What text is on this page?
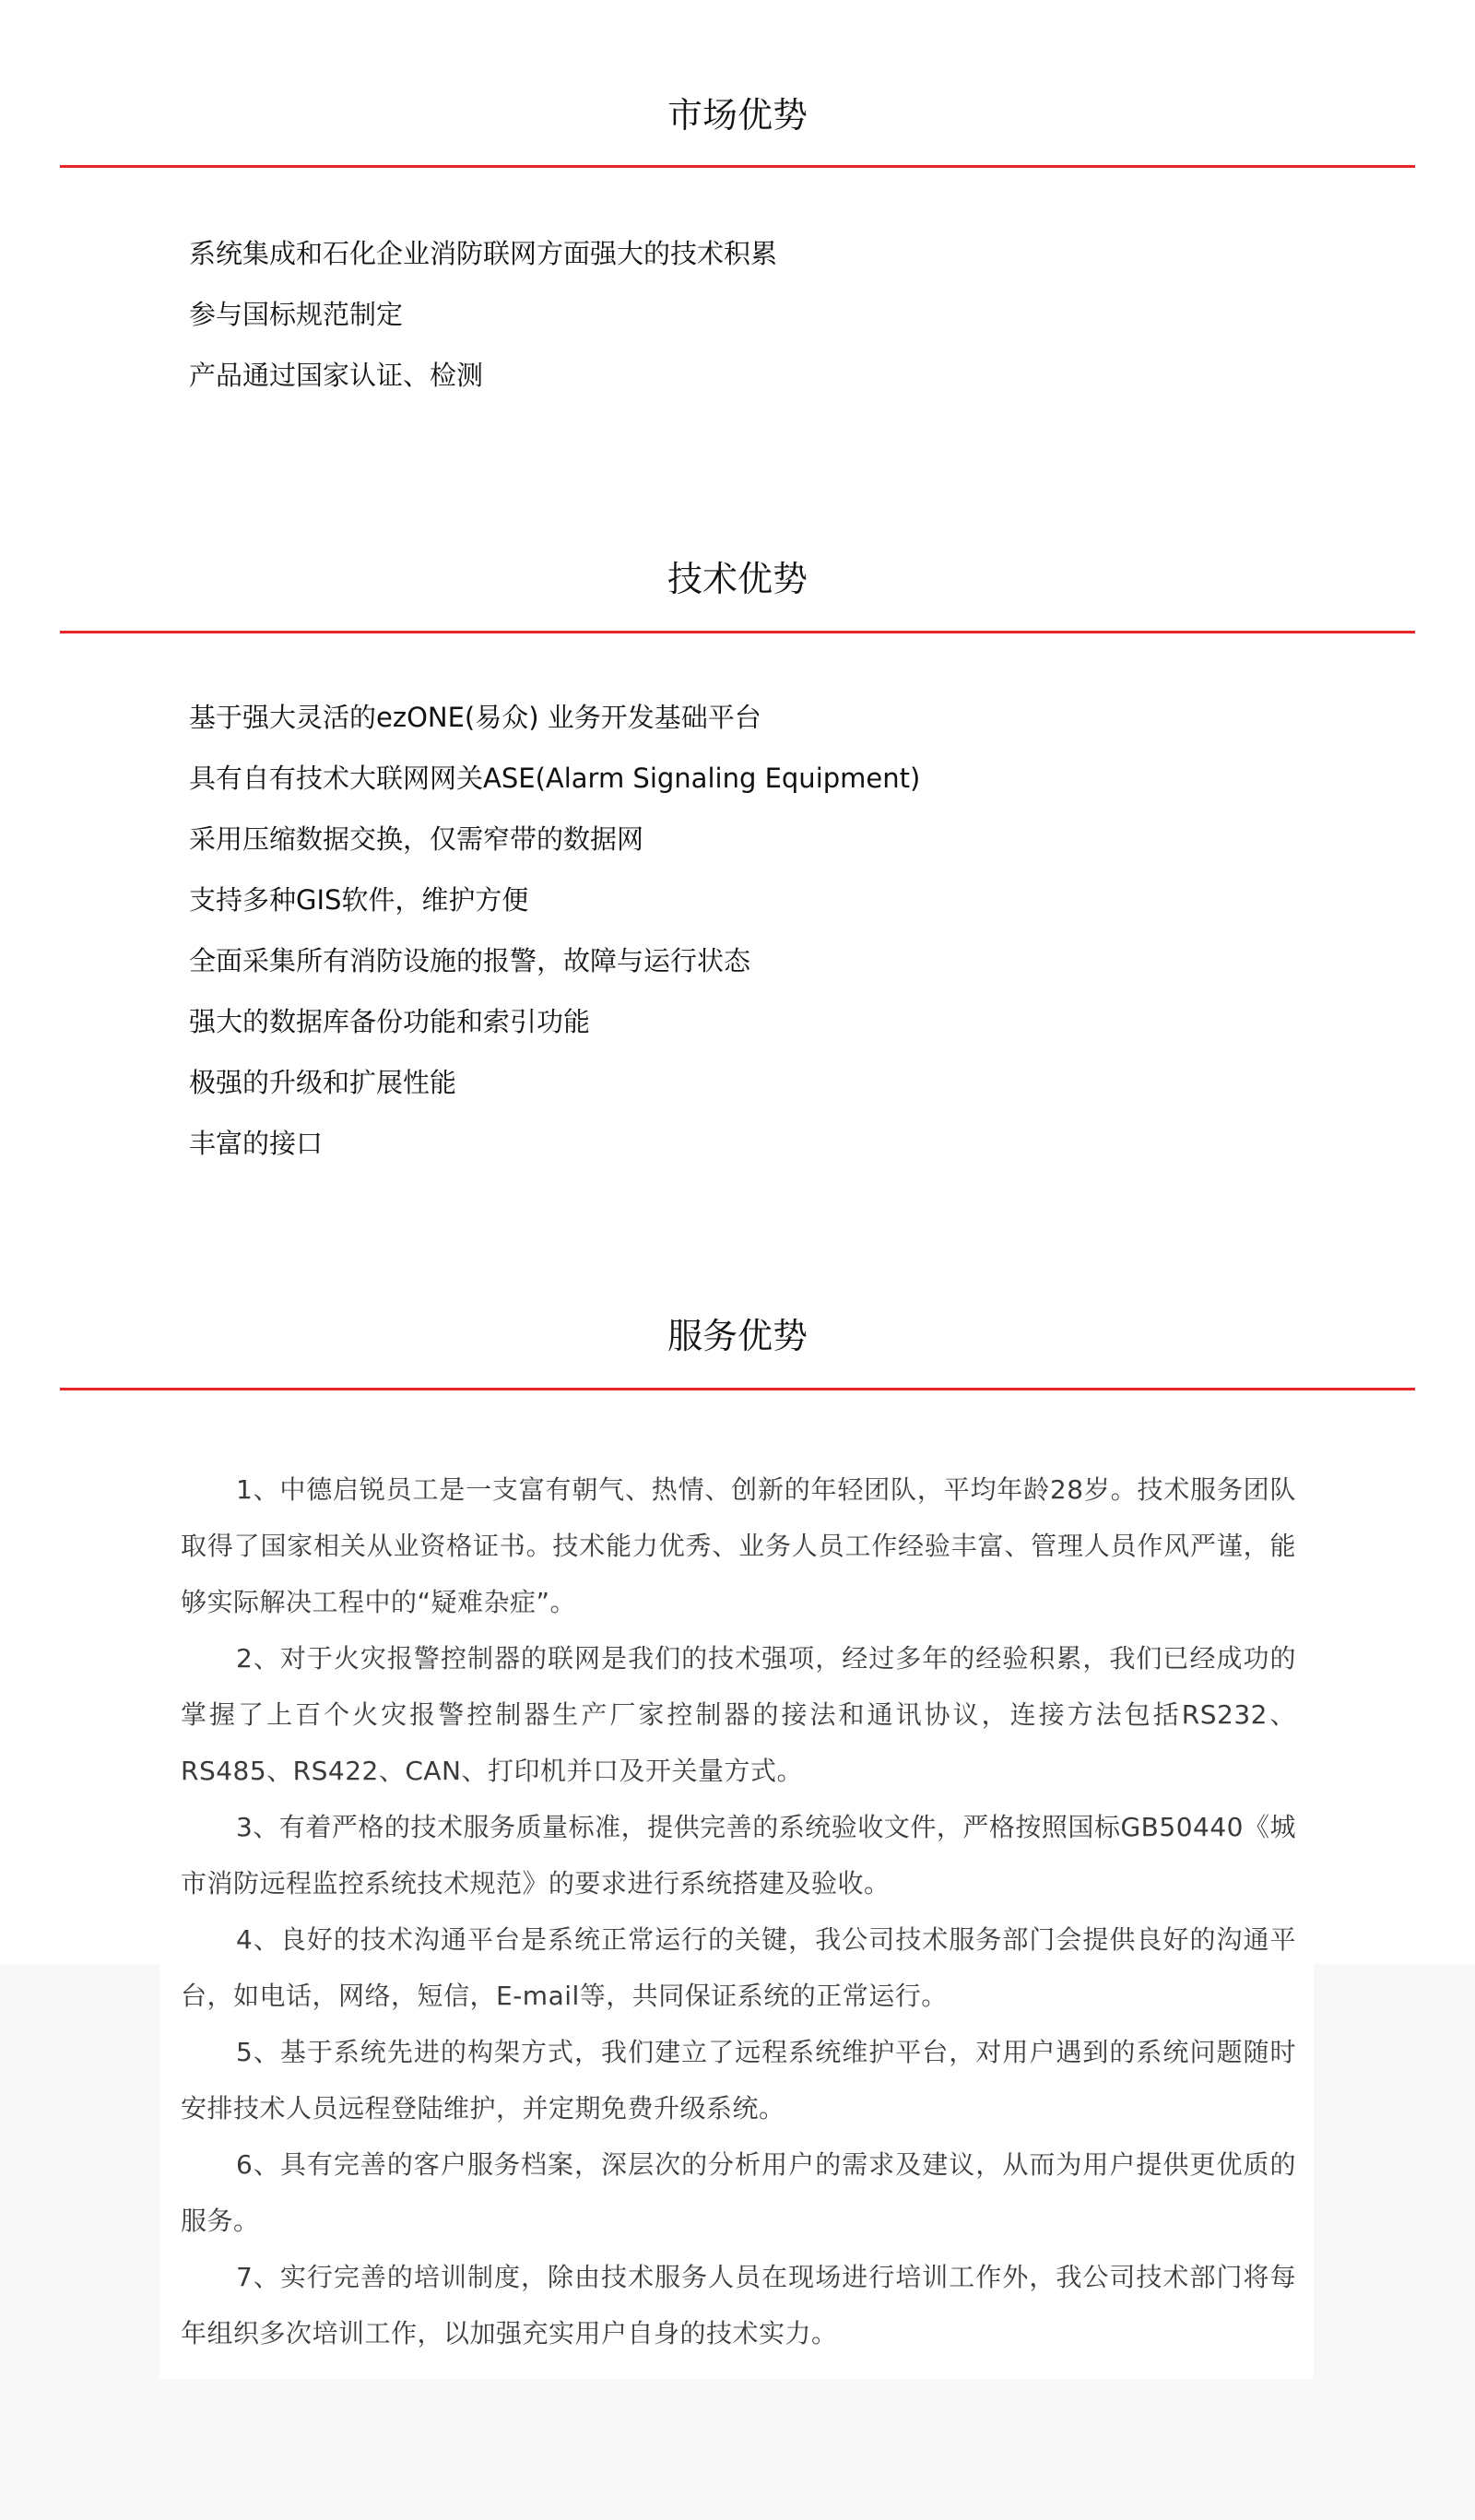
市场优势
系统集成和石化企业消防联网方面强大的技术积累
参与国标规范制定
产品通过国家认证、检测
技术优势
基于强大灵活的ezONE(易众) 业务开发基础平台
具有自有技术大联网网关ASE(Alarm Signaling Equipment)
采用压缩数据交换，仅需窄带的数据网
支持多种GIS软件，维护方便
全面采集所有消防设施的报警，故障与运行状态
强大的数据库备份功能和索引功能
极强的升级和扩展性能
丰富的接口
服务优势
1、中德启锐员工是一支富有朝气、热情、创新的年轻团队，平均年龄28岁。技术服务团队取得了国家相关从业资格证书。技术能力优秀、业务人员工作经验丰富、管理人员作风严谨，能够实际解决工程中的“疑难杂症”。
2、对于火灾报警控制器的联网是我们的技术强项，经过多年的经验积累，我们已经成功的掌握了上百个火灾报警控制器生产厂家控制器的接法和通讯协议，连接方法包括RS232、RS485、RS422、CAN、打印机并口及开关量方式。
3、有着严格的技术服务质量标准，提供完善的系统验收文件，严格按照国标GB50440《城市消防远程监控系统技术规范》的要求进行系统搭建及验收。
4、良好的技术沟通平台是系统正常运行的关键，我公司技术服务部门会提供良好的沟通平台，如电话，网络，短信，E-mail等，共同保证系统的正常运行。
5、基于系统先进的构架方式，我们建立了远程系统维护平台，对用户遇到的系统问题随时安排技术人员远程登陆维护，并定期免费升级系统。
6、具有完善的客户服务档案，深层次的分析用户的需求及建议，从而为用户提供更优质的服务。
7、实行完善的培训制度，除由技术服务人员在现场进行培训工作外，我公司技术部门将每年组织多次培训工作，以加强充实用户自身的技术实力。
